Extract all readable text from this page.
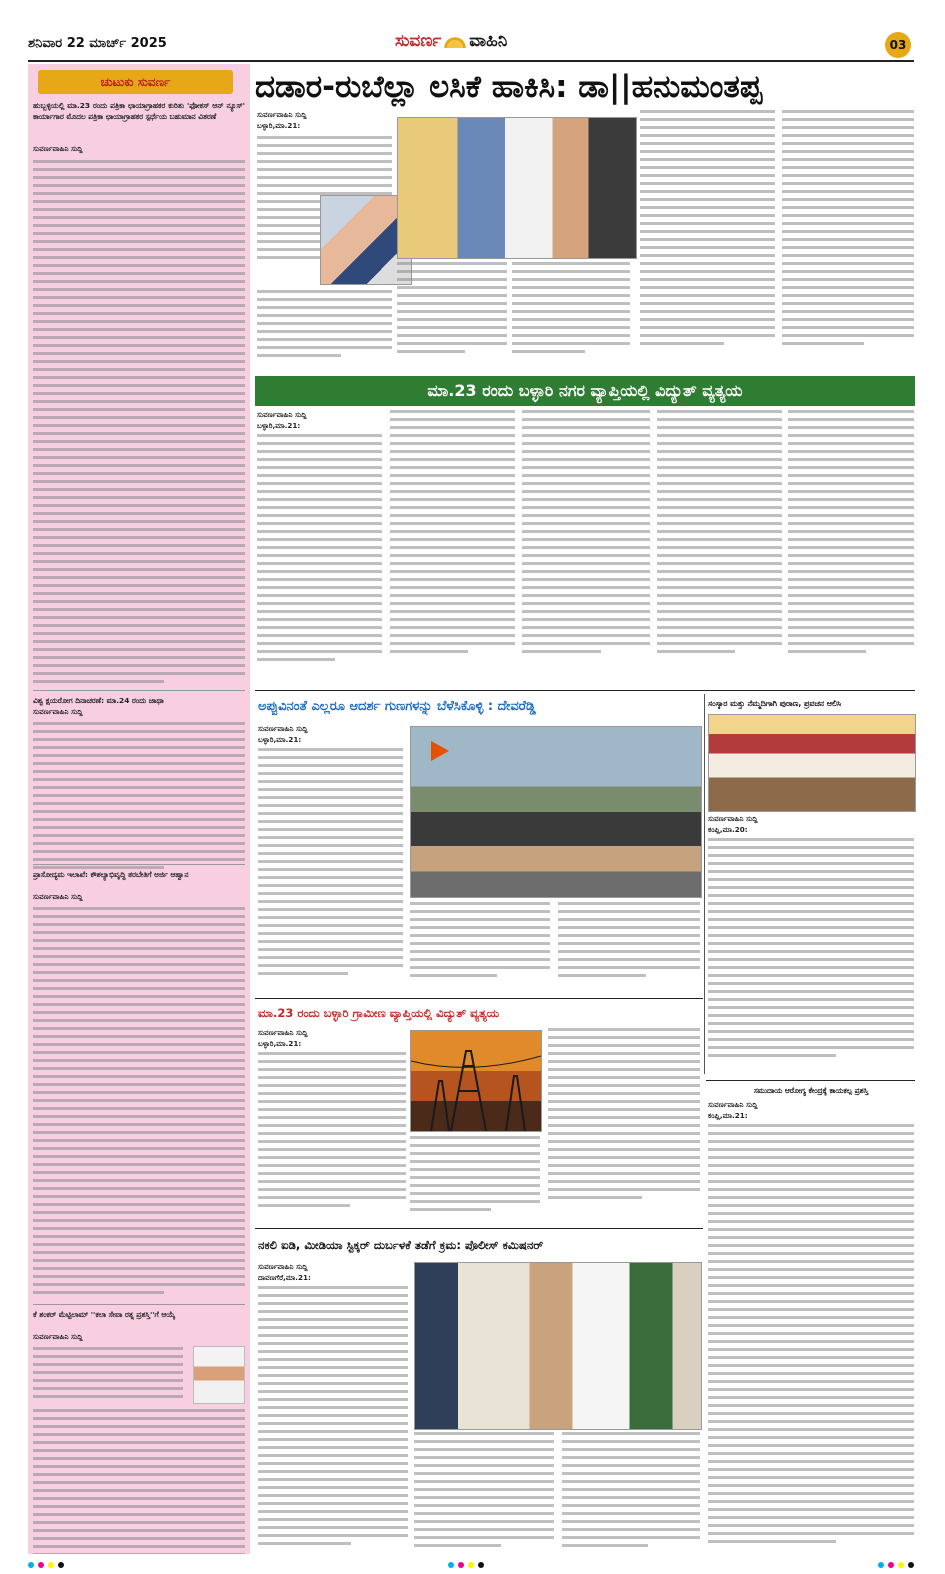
ಶನಿವಾರ 22 ಮಾರ್ಚ್ 2025	ಸುವರ್ಣ ವಾಹಿನಿ	03
ಚುಟುಕು ಸುವರ್ಣ
ಹುಬ್ಬಳ್ಳಿಯಲ್ಲಿ ಮಾ.23 ರಂದು ಪತ್ರಿಕಾ ಛಾಯಾಗ್ರಾಹಕರ ಕುರಿತು 'ಫೋಕಸ್ ಆನ್ ನ್ಯೂಸ್' ಕಾರ್ಯಾಗಾರ ಮೊದಲ ಪತ್ರಿಕಾ ಛಾಯಾಗ್ರಾಹಕರ ಸ್ಪರ್ಧೆಯ ಬಹುಮಾನ ವಿತರಣೆ
ಸುವರ್ಣವಾಹಿನಿ ಸುದ್ದಿ
ವಿಶ್ವ ಕ್ಷಯರೋಗ ದಿನಾಚರಣೆ: ಮಾ.24 ರಂದು ಜಾಥಾ
ಸುವರ್ಣವಾಹಿನಿ ಸುದ್ದಿ
ಪ್ರಾಸೋದ್ಯಮ ಇಲಾಖೆ: ಕೌಶಲ್ಯಾಭಿವೃದ್ಧಿ ತರಬೇತಿಗೆ ಅರ್ಜಿ ಆಹ್ವಾನ
ಸುವರ್ಣವಾಹಿನಿ ಸುದ್ದಿ
ಕೆ ಶಂಕರ್ ಮೆಟ್ಟಿಲಾಮ್ ''ಕಲಾ ಸೇವಾ ರತ್ನ ಪ್ರಶಸ್ತಿ''ಗೆ ಆಯ್ಕೆ
ಸುವರ್ಣವಾಹಿನಿ ಸುದ್ದಿ
ದಡಾರ-ರುಬೆಲ್ಲಾ ಲಸಿಕೆ ಹಾಕಿಸಿ: ಡಾ||ಹನುಮಂತಪ್ಪ
ಸುವರ್ಣವಾಹಿನಿ ಸುದ್ದಿ
ಬಳ್ಳಾರಿ,ಮಾ.21:
ಮಾ.23 ರಂದು ಬಳ್ಳಾರಿ ನಗರ ವ್ಯಾಪ್ತಿಯಲ್ಲಿ ವಿದ್ಯುತ್ ವ್ಯತ್ಯಯ
ಸುವರ್ಣವಾಹಿನಿ ಸುದ್ದಿ
ಬಳ್ಳಾರಿ,ಮಾ.21:
ಅಪ್ಪುವಿನಂತೆ ಎಲ್ಲರೂ ಆದರ್ಶ ಗುಣಗಳನ್ನು ಬೆಳೆಸಿಕೊಳ್ಳಿ : ದೇವರೆಡ್ಡಿ
ಸುವರ್ಣವಾಹಿನಿ ಸುದ್ದಿ
ಬಳ್ಳಾರಿ,ಮಾ.21:
ಸಂಸ್ಕಾರ ಮತ್ತು ನೆಮ್ಮದಿಗಾಗಿ ಪುರಾಣ, ಪ್ರವಚನ ಆಲಿಸಿ
ಸುವರ್ಣವಾಹಿನಿ ಸುದ್ದಿ
ಕಂಪ್ಲಿ,ಮಾ.20:
ಮಾ.23 ರಂದು ಬಳ್ಳಾರಿ ಗ್ರಾಮೀಣ ವ್ಯಾಪ್ತಿಯಲ್ಲಿ ವಿದ್ಯುತ್ ವ್ಯತ್ಯಯ
ಸುವರ್ಣವಾಹಿನಿ ಸುದ್ದಿ
ಬಳ್ಳಾರಿ,ಮಾ.21:
ಸಮುದಾಯ ಆರೋಗ್ಯ ಕೇಂದ್ರಕ್ಕೆ ಕಾಯಕಲ್ಪ ಪ್ರಶಸ್ತಿ
ಸುವರ್ಣವಾಹಿನಿ ಸುದ್ದಿ
ಕಂಪ್ಲಿ,ಮಾ.21:
ನಕಲಿ ಐಡಿ, ಮೀಡಿಯಾ ಸ್ಟಿಕ್ಕರ್ ದುರ್ಬಳಕೆ ತಡೆಗೆ ಕ್ರಮ: ಪೊಲೀಸ್ ಕಮಿಷನರ್
ಸುವರ್ಣವಾಹಿನಿ ಸುದ್ದಿ
ದಾವಣಗೆರೆ,ಮಾ.21:
